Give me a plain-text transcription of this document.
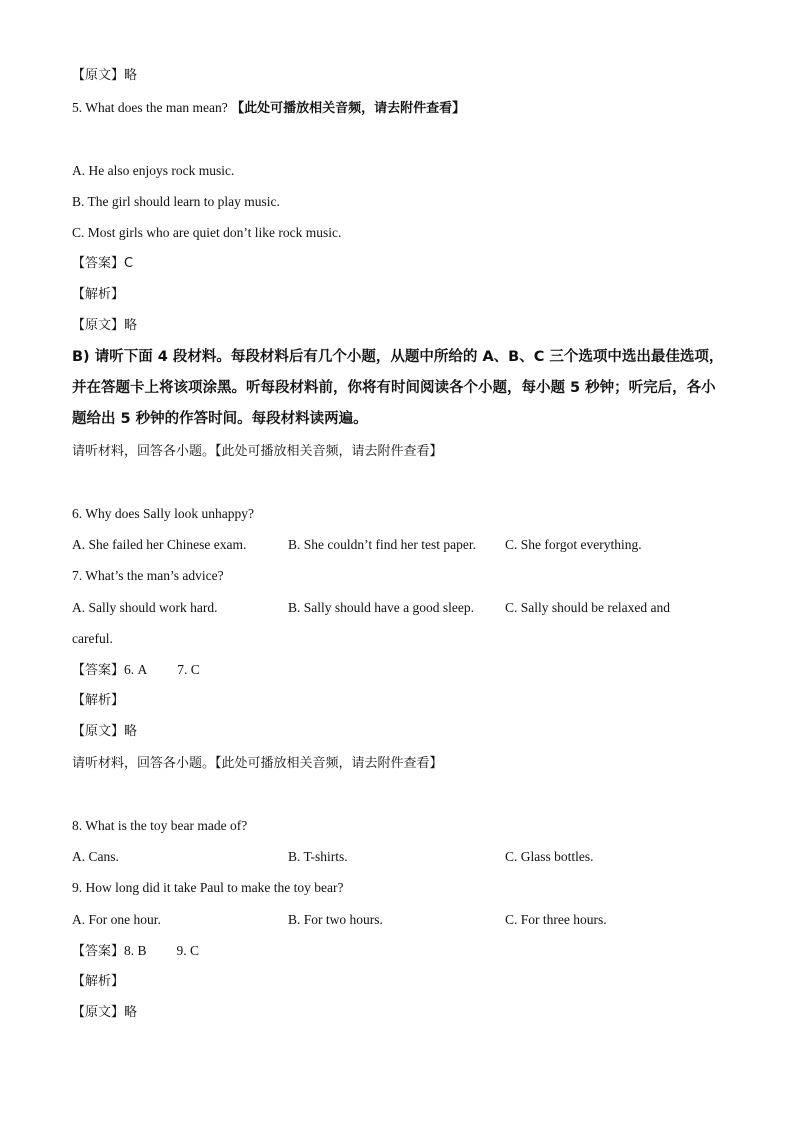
【原文】略
5. What does the man mean? 【此处可播放相关音频，请去附件查看】
A. He also enjoys rock music.
B. The girl should learn to play music.
C. Most girls who are quiet don’t like rock music.
【答案】C
【解析】
【原文】略
B) 请听下面 4 段材料。每段材料后有几个小题，从题中所给的 A、B、C 三个选项中选出最佳选项，并在答题卡上将该项涂黑。听每段材料前，你将有时间阅读各个小题，每小题 5 秒钟；听完后，各小题给出 5 秒钟的作答时间。每段材料读两遍。
请听材料，回答各小题。【此处可播放相关音频，请去附件查看】
6. Why does Sally look unhappy?
A. She failed her Chinese exam.	B. She couldn’t find her test paper. C. She forgot everything.
7. What’s the man’s advice?
A. Sally should work hard.	B. Sally should have a good sleep. C. Sally should be relaxed and
careful.
【答案】6. A 7. C
【解析】
【原文】略
请听材料，回答各小题。【此处可播放相关音频，请去附件查看】
8. What is the toy bear made of?
A. Cans.	B. T-shirts.	C. Glass bottles.
9. How long did it take Paul to make the toy bear?
A. For one hour.	B. For two hours.	C. For three hours.
【答案】8. B 9. C
【解析】
【原文】略
